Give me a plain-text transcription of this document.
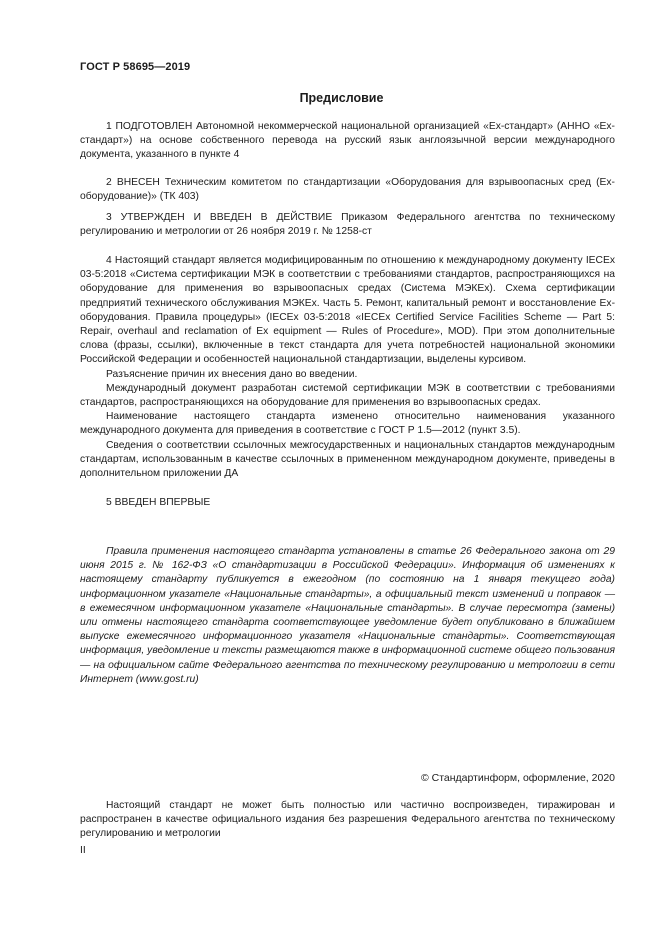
ГОСТ Р 58695—2019
Предисловие

1 ПОДГОТОВЛЕН Автономной некоммерческой национальной организацией «Ех-стандарт» (АННО «Ех-стандарт») на основе собственного перевода на русский язык англоязычной версии международного документа, указанного в пункте 4

2 ВНЕСЕН Техническим комитетом по стандартизации «Оборудования для взрывоопасных сред (Ех-оборудование)» (ТК 403)

3 УТВЕРЖДЕН И ВВЕДЕН В ДЕЙСТВИЕ Приказом Федерального агентства по техническому регулированию и метрологии от 26 ноября 2019 г. № 1258-ст

4 Настоящий стандарт является модифицированным по отношению к международному документу IECEx 03-5:2018 «Система сертификации МЭК в соответствии с требованиями стандартов, распространяющихся на оборудование для применения во взрывоопасных средах (Система МЭКЕх). Схема сертификации предприятий технического обслуживания МЭКЕх. Часть 5. Ремонт, капитальный ремонт и восстановление Ех-оборудования. Правила процедуры» (IECEx 03-5:2018 «IECEx Certified Service Facilities Scheme — Part 5: Repair, overhaul and reclamation of Ex equipment — Rules of Procedure», MOD). При этом дополнительные слова (фразы, ссылки), включенные в текст стандарта для учета потребностей национальной экономики Российской Федерации и особенностей национальной стандартизации, выделены курсивом.

Разъяснение причин их внесения дано во введении.

Международный документ разработан системой сертификации МЭК в соответствии с требованиями стандартов, распространяющихся на оборудование для применения во взрывоопасных средах.

Наименование настоящего стандарта изменено относительно наименования указанного международного документа для приведения в соответствие с ГОСТ Р 1.5—2012 (пункт 3.5).

Сведения о соответствии ссылочных межгосударственных и национальных стандартов международным стандартам, использованным в качестве ссылочных в примененном международном документе, приведены в дополнительном приложении ДА

5 ВВЕДЕН ВПЕРВЫЕ

Правила применения настоящего стандарта установлены в статье 26 Федерального закона от 29 июня 2015 г. № 162-ФЗ «О стандартизации в Российской Федерации». Информация об изменениях к настоящему стандарту публикуется в ежегодном (по состоянию на 1 января текущего года) информационном указателе «Национальные стандарты», а официальный текст изменений и поправок — в ежемесячном информационном указателе «Национальные стандарты». В случае пересмотра (замены) или отмены настоящего стандарта соответствующее уведомление будет опубликовано в ближайшем выпуске ежемесячного информационного указателя «Национальные стандарты». Соответствующая информация, уведомление и тексты размещаются также в информационной системе общего пользования — на официальном сайте Федерального агентства по техническому регулированию и метрологии в сети Интернет (www.gost.ru)

© Стандартинформ, оформление, 2020

Настоящий стандарт не может быть полностью или частично воспроизведен, тиражирован и распространен в качестве официального издания без разрешения Федерального агентства по техническому регулированию и метрологии

II
